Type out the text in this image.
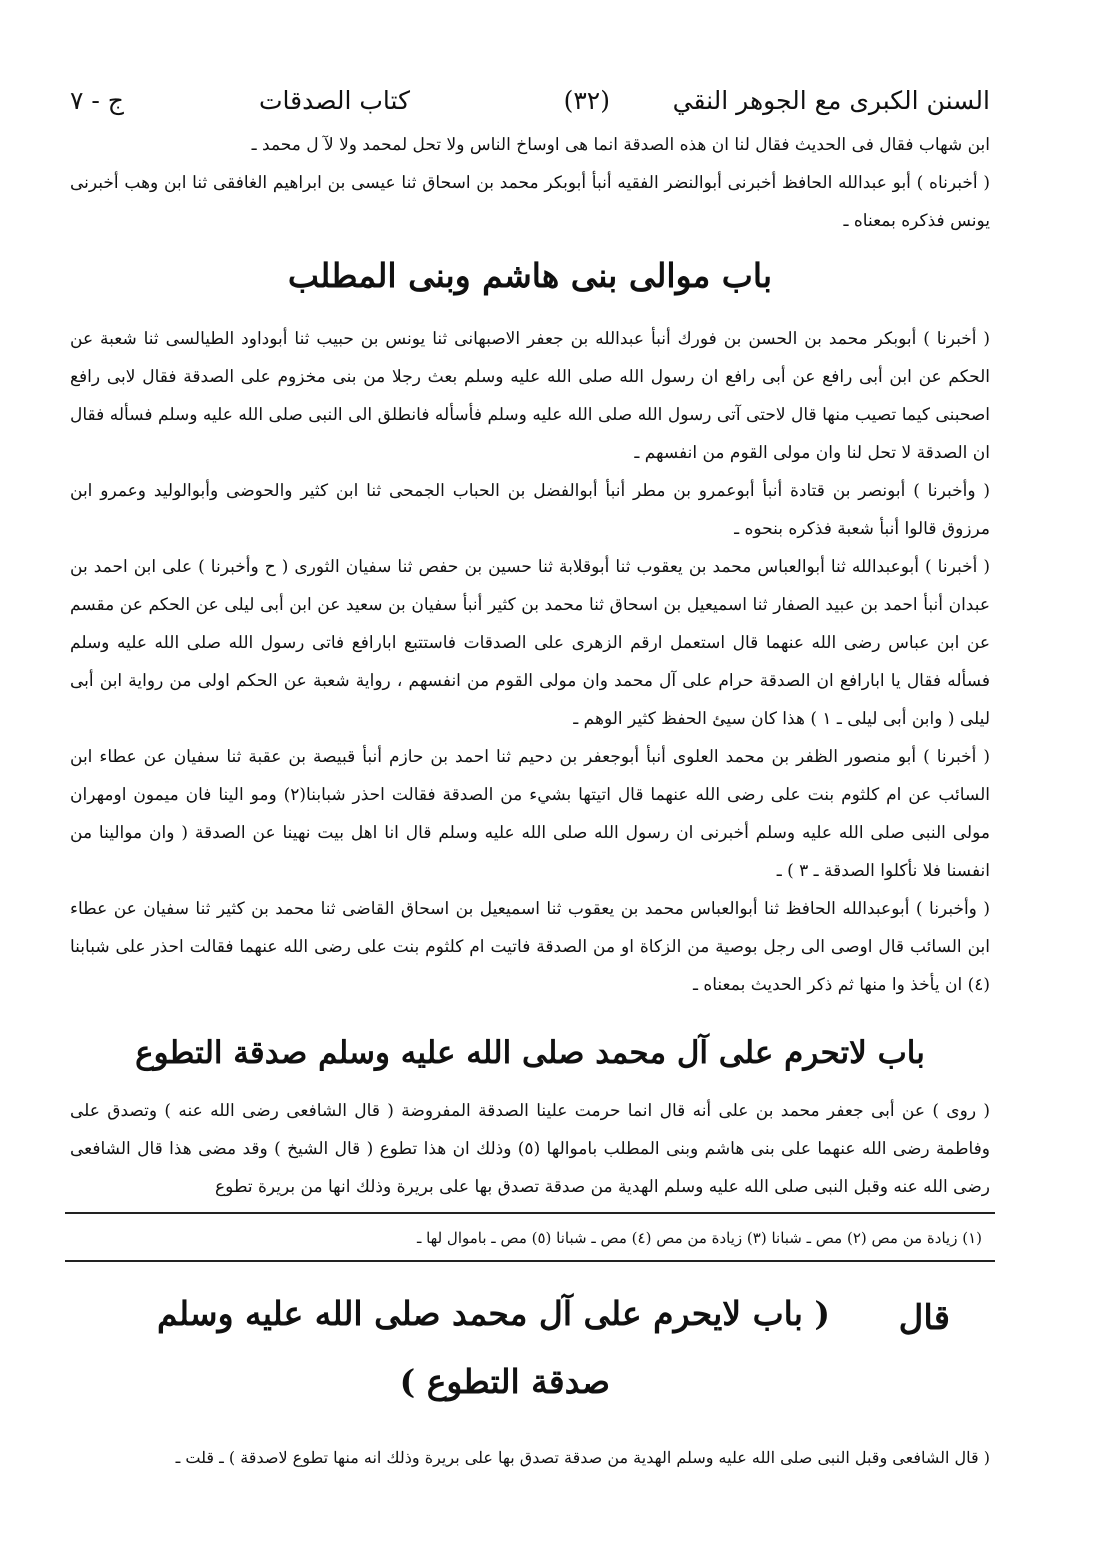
السنن الكبرى مع الجوهر النقي
(٣٢)
كتاب الصدقات
ج - ٧

ابن شهاب فقال فى الحديث فقال لنا ان هذه الصدقة انما هى اوساخ الناس ولا تحل لمحمد ولا لآ ل محمد ـ

( أخبرناه ) أبو عبدالله الحافظ أخبرنى أبوالنضر الفقيه أنبأ أبوبكر محمد بن اسحاق ثنا عيسى بن ابراهيم الغافقى ثنا ابن وهب أخبرنى يونس فذكره بمعناه ـ

باب موالى بنى هاشم وبنى المطلب

( أخبرنا ) أبوبكر محمد بن الحسن بن فورك أنبأ عبدالله بن جعفر الاصبهانى ثنا يونس بن حبيب ثنا أبوداود الطيالسى ثنا شعبة عن الحكم عن ابن أبى رافع عن أبى رافع ان رسول الله صلى الله عليه وسلم بعث رجلا من بنى مخزوم على الصدقة فقال لابى رافع اصحبنى كيما تصيب منها قال لاحتى آتى رسول الله صلى الله عليه وسلم فأسأله فانطلق الى النبى صلى الله عليه وسلم فسأله فقال ان الصدقة لا تحل لنا وان مولى القوم من انفسهم ـ

( وأخبرنا ) أبونصر بن قتادة أنبأ أبوعمرو بن مطر أنبأ أبوالفضل بن الحباب الجمحى ثنا ابن كثير والحوضى وأبوالوليد وعمرو ابن مرزوق قالوا أنبأ شعبة فذكره بنحوه ـ

( أخبرنا ) أبوعبدالله ثنا أبوالعباس محمد بن يعقوب ثنا أبوقلابة ثنا حسين بن حفص ثنا سفيان الثورى ( ح وأخبرنا ) على ابن احمد بن عبدان أنبأ احمد بن عبيد الصفار ثنا اسميعيل بن اسحاق ثنا محمد بن كثير أنبأ سفيان بن سعيد عن ابن أبى ليلى عن الحكم عن مقسم عن ابن عباس رضى الله عنهما قال استعمل ارقم الزهرى على الصدقات فاستتبع ابارافع فاتى رسول الله صلى الله عليه وسلم فسأله فقال يا ابارافع ان الصدقة حرام على آل محمد وان مولى القوم من انفسهم ، رواية شعبة عن الحكم اولى من رواية ابن أبى ليلى ( وابن أبى ليلى ـ ١ ) هذا كان سيئ الحفظ كثير الوهم ـ

( أخبرنا ) أبو منصور الظفر بن محمد العلوى أنبأ أبوجعفر بن دحيم ثنا احمد بن حازم أنبأ قبيصة بن عقبة ثنا سفيان عن عطاء ابن السائب عن ام كلثوم بنت على رضى الله عنهما قال اتيتها بشيء من الصدقة فقالت احذر شبابنا(٢) ومو الينا فان ميمون اومهران مولى النبى صلى الله عليه وسلم أخبرنى ان رسول الله صلى الله عليه وسلم قال انا اهل بيت نهينا عن الصدقة ( وان موالينا من انفسنا فلا نأكلوا الصدقة ـ ٣ ) ـ

( وأخبرنا ) أبوعبدالله الحافظ ثنا أبوالعباس محمد بن يعقوب ثنا اسميعيل بن اسحاق القاضى ثنا محمد بن كثير ثنا سفيان عن عطاء ابن السائب قال اوصى الى رجل بوصية من الزكاة او من الصدقة فاتيت ام كلثوم بنت على رضى الله عنهما فقالت احذر على شبابنا (٤) ان يأخذ وا منها ثم ذكر الحديث بمعناه ـ

باب لاتحرم على آل محمد صلى الله عليه وسلم صدقة التطوع

( روى ) عن أبى جعفر محمد بن على أنه قال انما حرمت علينا الصدقة المفروضة ( قال الشافعى رضى الله عنه ) وتصدق على وفاطمة رضى الله عنهما على بنى هاشم وبنى المطلب باموالها (٥) وذلك ان هذا تطوع ( قال الشيخ ) وقد مضى هذا قال الشافعى رضى الله عنه وقبل النبى صلى الله عليه وسلم الهدية من صدقة تصدق بها على بريرة وذلك انها من بريرة تطوع

(١) زيادة من مص (٢) مص ـ شبانا (٣) زيادة من مص (٤) مص ـ شبانا (٥) مص ـ باموال لها ـ

قال
( باب لايحرم على آل محمد صلى الله عليه وسلم
صدقة التطوع )

( قال الشافعى وقبل النبى صلى الله عليه وسلم الهدية من صدقة تصدق بها على بريرة وذلك انه منها تطوع لاصدقة ) ـ قلت ـ
